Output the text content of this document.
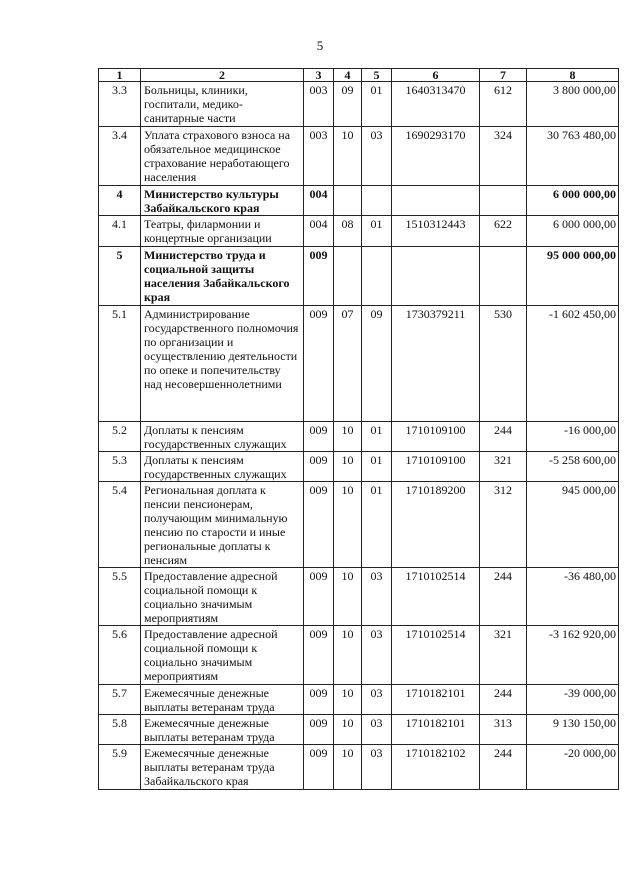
5
1	2	3	4	5	6	7	8
3.3	Больницы, клиники, госпитали, медико-санитарные части	003	09	01	1640313470	612	3 800 000,00
3.4	Уплата страхового взноса на обязательное медицинское страхование неработающего населения	003	10	03	1690293170	324	30 763 480,00
4	Министерство культуры Забайкальского края	004					6 000 000,00
4.1	Театры, филармонии и концертные организации	004	08	01	1510312443	622	6 000 000,00
5	Министерство труда и социальной защиты населения Забайкальского края	009					95 000 000,00
5.1	Администрирование государственного полномочия по организации и осуществлению деятельности по опеке и попечительству над несовершеннолетними	009	07	09	1730379211	530	-1 602 450,00
5.2	Доплаты к пенсиям государственных служащих	009	10	01	1710109100	244	-16 000,00
5.3	Доплаты к пенсиям государственных служащих	009	10	01	1710109100	321	-5 258 600,00
5.4	Региональная доплата к пенсии пенсионерам, получающим минимальную пенсию по старости и иные региональные доплаты к пенсиям	009	10	01	1710189200	312	945 000,00
5.5	Предоставление адресной социальной помощи к социально значимым мероприятиям	009	10	03	1710102514	244	-36 480,00
5.6	Предоставление адресной социальной помощи к социально значимым мероприятиям	009	10	03	1710102514	321	-3 162 920,00
5.7	Ежемесячные денежные выплаты ветеранам труда	009	10	03	1710182101	244	-39 000,00
5.8	Ежемесячные денежные выплаты ветеранам труда	009	10	03	1710182101	313	9 130 150,00
5.9	Ежемесячные денежные выплаты ветеранам труда Забайкальского края	009	10	03	1710182102	244	-20 000,00
